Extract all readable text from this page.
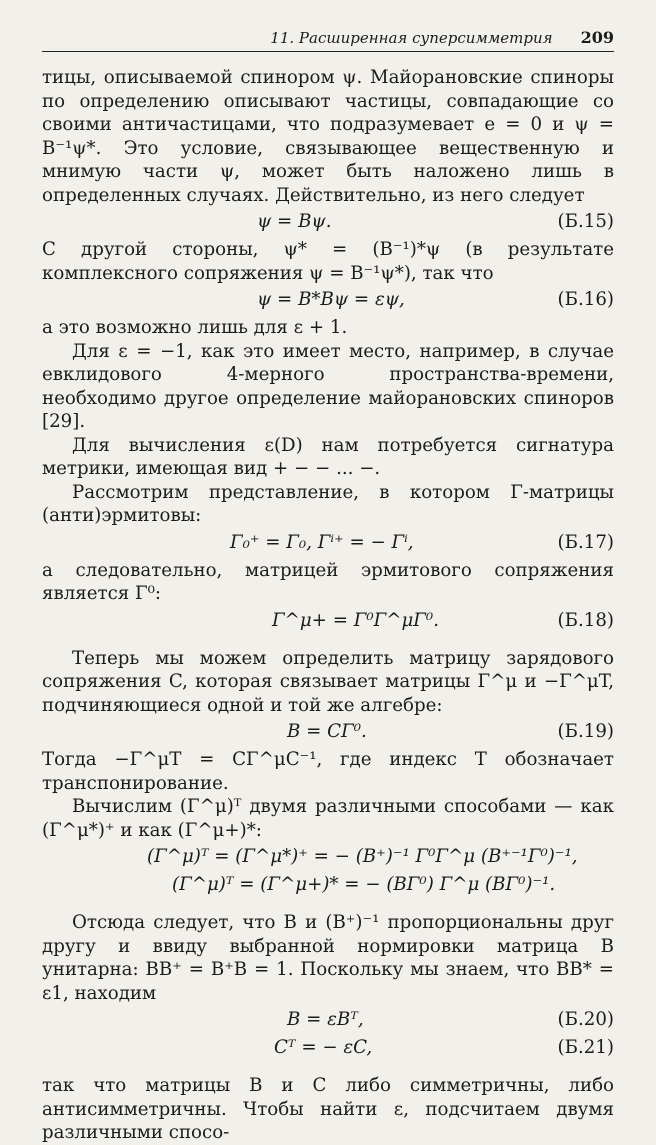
11. Расширенная суперсимметрия 209

тицы, описываемой спинором ψ. Майорановские спиноры по определению описывают частицы, совпадающие со своими античастицами, что подразумевает e = 0 и ψ = B⁻¹ψ*. Это условие, связывающее вещественную и мнимую части ψ, может быть наложено лишь в определенных случаях. Действительно, из него следует

ψ = Bψ.	(Б.15)

С другой стороны, ψ* = (B⁻¹)*ψ (в результате комплексного сопряжения ψ = B⁻¹ψ*), так что

ψ = B*Bψ = εψ,	(Б.16)

а это возможно лишь для ε + 1.

Для ε = −1, как это имеет место, например, в случае евклидового 4-мерного пространства-времени, необходимо другое определение майорановских спиноров [29].

Для вычисления ε(D) нам потребуется сигнатура метрики, имеющая вид + − − ... −.

Рассмотрим представление, в котором Γ-матрицы (анти)эрмитовы:

Γ₀⁺ = Γ₀, Γⁱ⁺ = − Γⁱ,	(Б.17)

а следовательно, матрицей эрмитового сопряжения является Γ⁰:

Γ^μ+ = Γ⁰Γ^μΓ⁰.	(Б.18)

Теперь мы можем определить матрицу зарядового сопряжения C, которая связывает матрицы Γ^μ и −Γ^μT, подчиняющиеся одной и той же алгебре:

B = CΓ⁰.	(Б.19)

Тогда −Γ^μT = CΓ^μC⁻¹, где индекс T обозначает транспонирование.

Вычислим (Γ^μ)ᵀ двумя различными способами — как (Γ^μ*)⁺ и как (Γ^μ+)*:

(Γ^μ)ᵀ = (Γ^μ*)⁺ = − (B⁺)⁻¹ Γ⁰Γ^μ (B⁺⁻¹Γ⁰)⁻¹,
(Γ^μ)ᵀ = (Γ^μ+)* = − (BΓ⁰) Γ^μ (BΓ⁰)⁻¹.

Отсюда следует, что B и (B⁺)⁻¹ пропорциональны друг другу и ввиду выбранной нормировки матрица B унитарна: BB⁺ = B⁺B = 1. Поскольку мы знаем, что BB* = ε1, находим

B = εBᵀ,	(Б.20)
Cᵀ = − εC,	(Б.21)

так что матрицы B и C либо симметричны, либо антисимметричны. Чтобы найти ε, подсчитаем двумя различными спосо-
